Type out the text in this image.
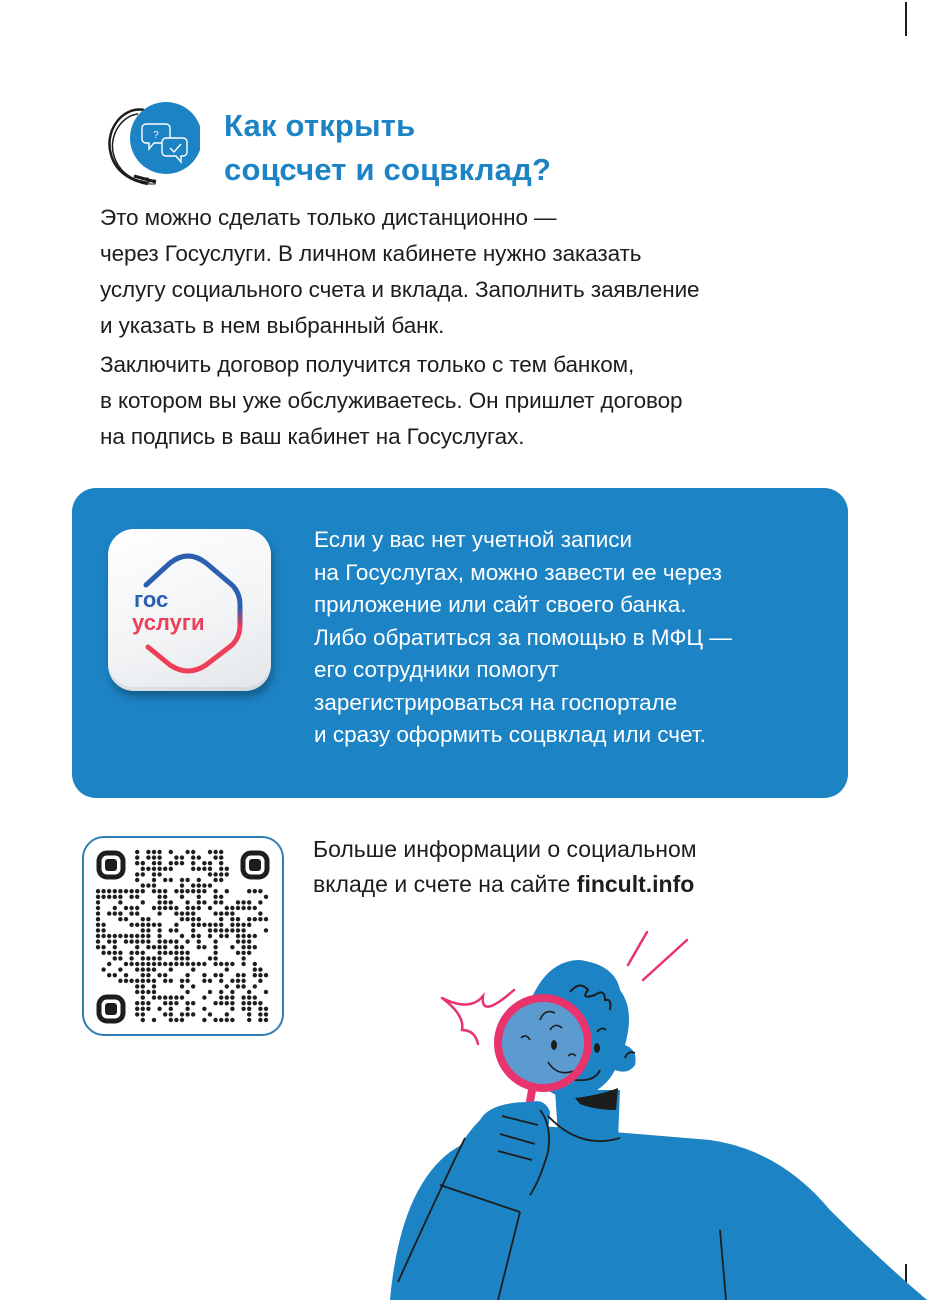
? Как открыть
соцсчет и соцвклад?

Это можно сделать только дистанционно —
через Госуслуги. В личном кабинете нужно заказать
услугу социального счета и вклада. Заполнить заявление
и указать в нем выбранный банк.

Заключить договор получится только с тем банком,
в котором вы уже обслуживаетесь. Он пришлет договор
на подпись в ваш кабинет на Госуслугах.

гос
услуги

Если у вас нет учетной записи
на Госуслугах, можно завести ее через
приложение или сайт своего банка.
Либо обратиться за помощью в МФЦ —
его сотрудники помогут
зарегистрироваться на госпортале
и сразу оформить соцвклад или счет.

Больше информации о социальном
вкладе и счете на сайте fincult.info
